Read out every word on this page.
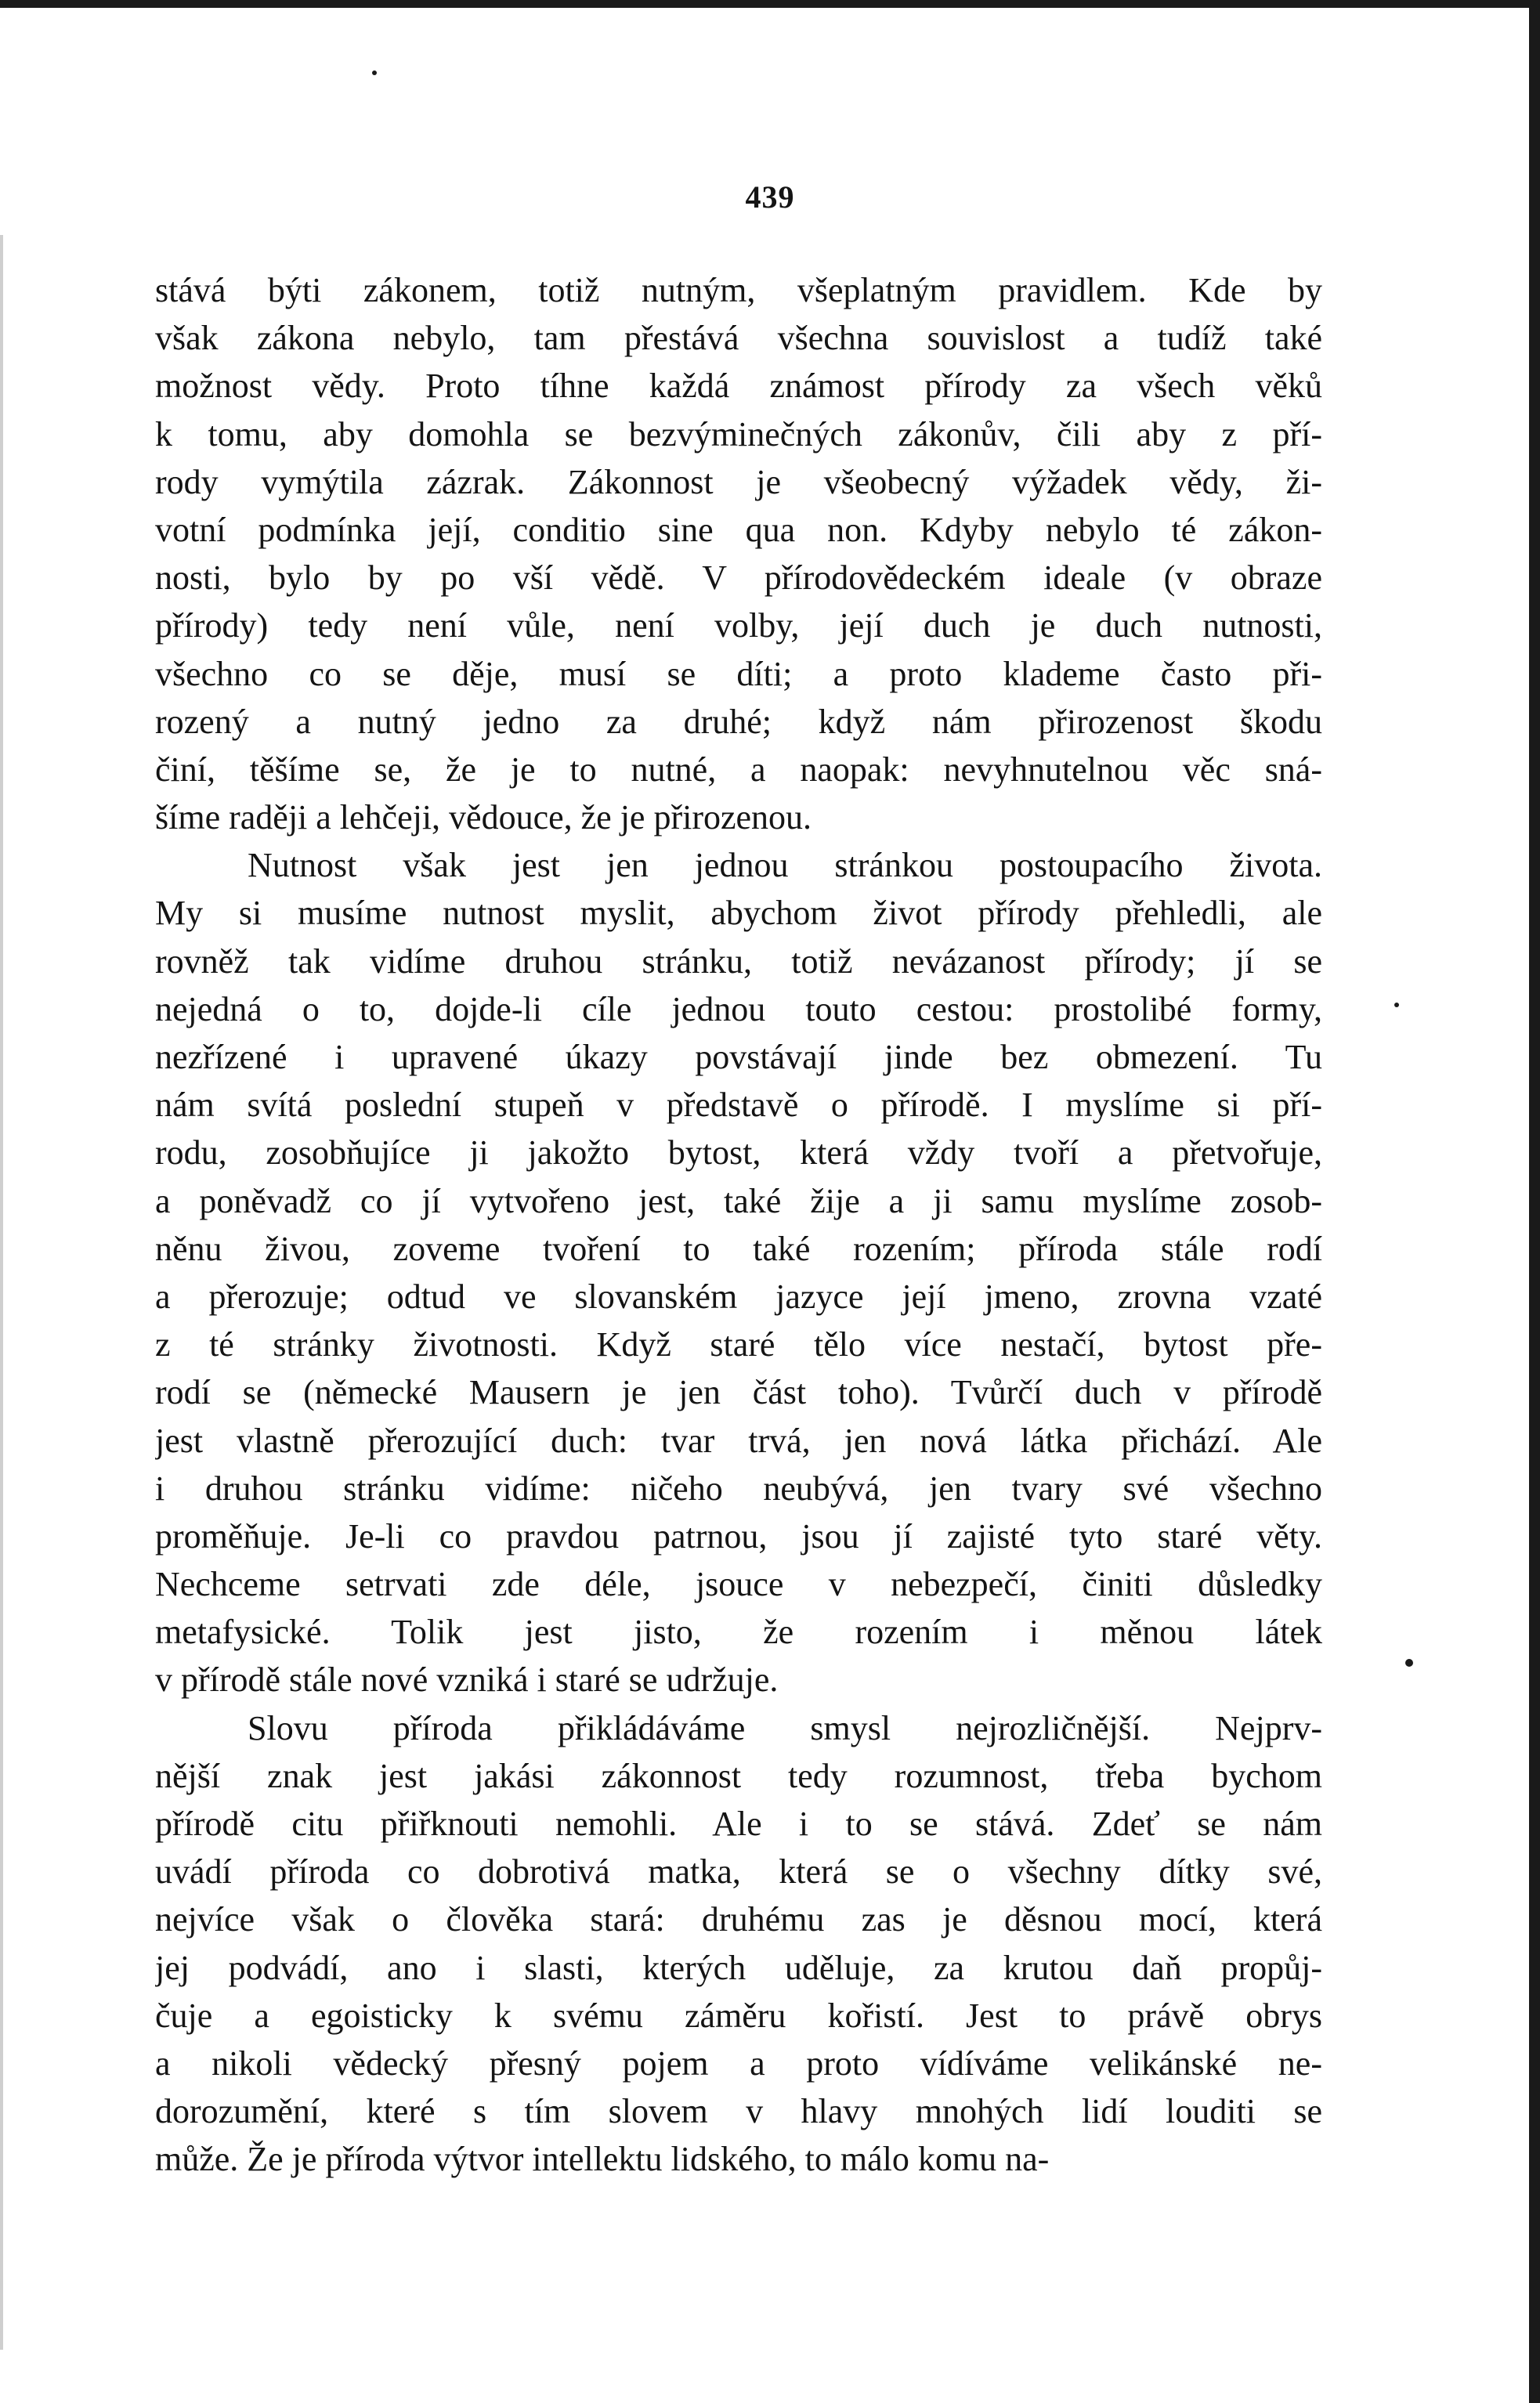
439
stává býti zákonem, totiž nutným, všeplatným pravidlem. Kde by
však zákona nebylo, tam přestává všechna souvislost a tudíž také
možnost vědy. Proto tíhne každá známost přírody za všech věků
k tomu, aby domohla se bezvýminečných zákonův, čili aby z pří-
rody vymýtila zázrak. Zákonnost je všeobecný výžadek vědy, ži-
votní podmínka její, conditio sine qua non. Kdyby nebylo té zákon-
nosti, bylo by po vší vědě. V přírodovědeckém ideale (v obraze
přírody) tedy není vůle, není volby, její duch je duch nutnosti,
všechno co se děje, musí se díti; a proto klademe často při-
rozený a nutný jedno za druhé; když nám přirozenost škodu
činí, těšíme se, že je to nutné, a naopak: nevyhnutelnou věc sná-
šíme raději a lehčeji, vědouce, že je přirozenou.
Nutnost však jest jen jednou stránkou postoupacího života.
My si musíme nutnost myslit, abychom život přírody přehledli, ale
rovněž tak vidíme druhou stránku, totiž nevázanost přírody; jí se
nejedná o to, dojde-li cíle jednou touto cestou: prostolibé formy,
nezřízené i upravené úkazy povstávají jinde bez obmezení. Tu
nám svítá poslední stupeň v představě o přírodě. I myslíme si pří-
rodu, zosobňujíce ji jakožto bytost, která vždy tvoří a přetvořuje,
a poněvadž co jí vytvořeno jest, také žije a ji samu myslíme zosob-
něnu živou, zoveme tvoření to také rozením; příroda stále rodí
a přerozuje; odtud ve slovanském jazyce její jmeno, zrovna vzaté
z té stránky životnosti. Když staré tělo více nestačí, bytost pře-
rodí se (německé Mausern je jen část toho). Tvůrčí duch v přírodě
jest vlastně přerozující duch: tvar trvá, jen nová látka přichází. Ale
i druhou stránku vidíme: ničeho neubývá, jen tvary své všechno
proměňuje. Je-li co pravdou patrnou, jsou jí zajisté tyto staré věty.
Nechceme setrvati zde déle, jsouce v nebezpečí, činiti důsledky
metafysické. Tolik jest jisto, že rozením i měnou látek
v přírodě stále nové vzniká i staré se udržuje.
Slovu příroda přikládáváme smysl nejrozličnější. Nejprv-
nější znak jest jakási zákonnost tedy rozumnost, třeba bychom
přírodě citu přiřknouti nemohli. Ale i to se stává. Zdeť se nám
uvádí příroda co dobrotivá matka, která se o všechny dítky své,
nejvíce však o člověka stará: druhému zas je děsnou mocí, která
jej podvádí, ano i slasti, kterých uděluje, za krutou daň propůj-
čuje a egoisticky k svému záměru kořistí. Jest to právě obrys
a nikoli vědecký přesný pojem a proto vídíváme velikánské ne-
dorozumění, které s tím slovem v hlavy mnohých lidí louditi se
může. Že je příroda výtvor intellektu lidského, to málo komu na-
